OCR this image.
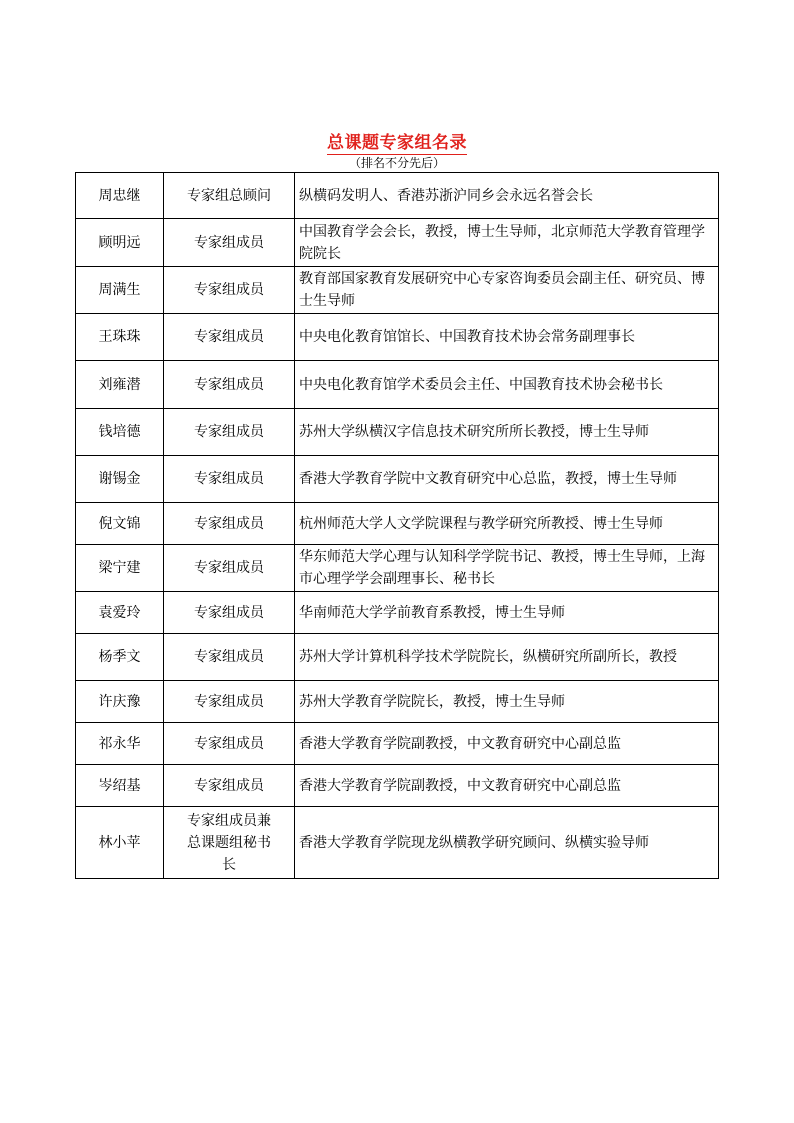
总课题专家组名录
（排名不分先后）
周忠继	专家组总顾问	纵横码发明人、香港苏浙沪同乡会永远名誉会长
顾明远	专家组成员	中国教育学会会长，教授，博士生导师，北京师范大学教育管理学院院长
周满生	专家组成员	教育部国家教育发展研究中心专家咨询委员会副主任、研究员、博士生导师
王珠珠	专家组成员	中央电化教育馆馆长、中国教育技术协会常务副理事长
刘雍潜	专家组成员	中央电化教育馆学术委员会主任、中国教育技术协会秘书长
钱培德	专家组成员	苏州大学纵横汉字信息技术研究所所长教授，博士生导师
谢锡金	专家组成员	香港大学教育学院中文教育研究中心总监，教授，博士生导师
倪文锦	专家组成员	杭州师范大学人文学院课程与教学研究所教授、博士生导师
梁宁建	专家组成员	华东师范大学心理与认知科学学院书记、教授，博士生导师，上海市心理学学会副理事长、秘书长
袁爱玲	专家组成员	华南师范大学学前教育系教授，博士生导师
杨季文	专家组成员	苏州大学计算机科学技术学院院长，纵横研究所副所长，教授
许庆豫	专家组成员	苏州大学教育学院院长，教授，博士生导师
祁永华	专家组成员	香港大学教育学院副教授，中文教育研究中心副总监
岑绍基	专家组成员	香港大学教育学院副教授，中文教育研究中心副总监
林小苹	专家组成员兼总课题组秘书长	香港大学教育学院现龙纵横教学研究顾问、纵横实验导师
